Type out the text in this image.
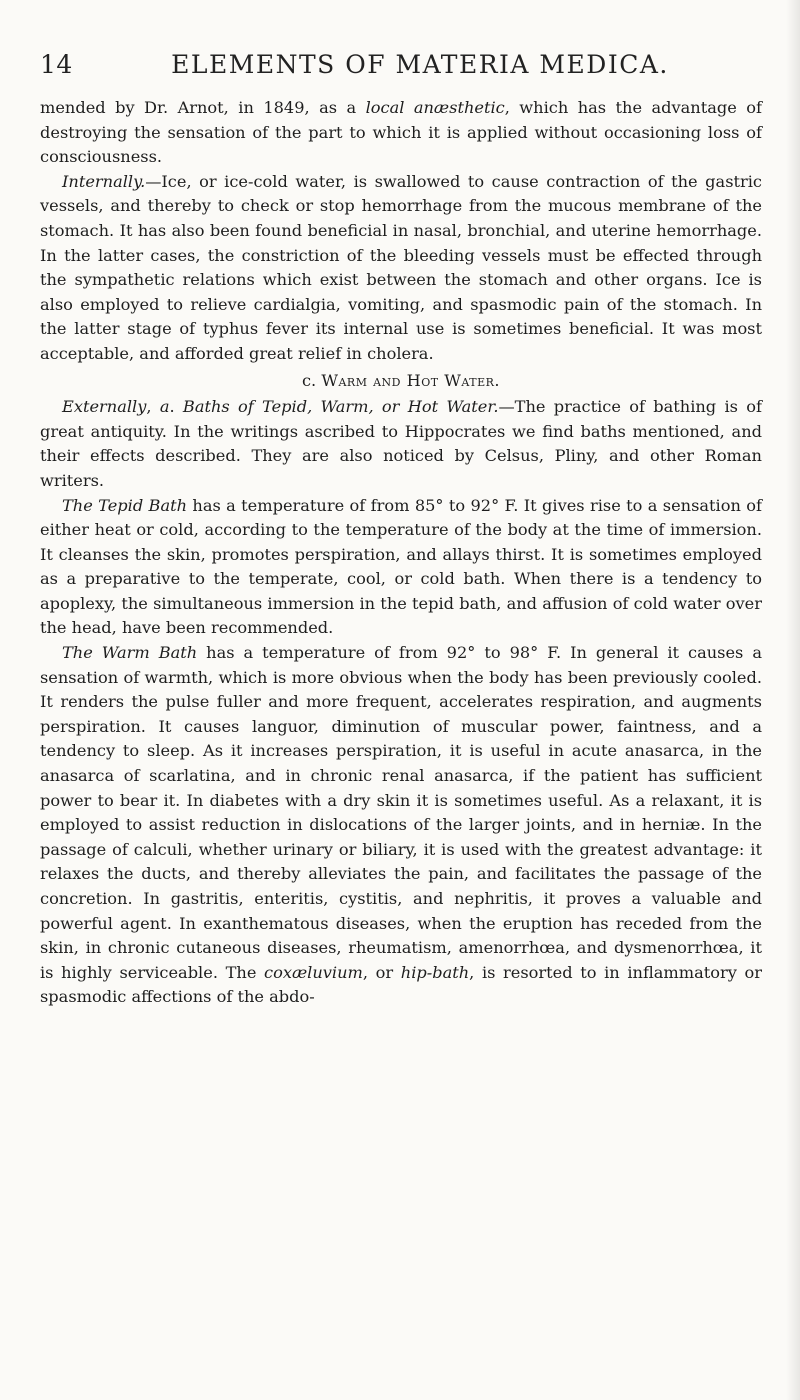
14	ELEMENTS OF MATERIA MEDICA.

mended by Dr. Arnot, in 1849, as a local anæsthetic, which has the advantage of destroying the sensation of the part to which it is applied without occasioning loss of consciousness.

Internally.—Ice, or ice-cold water, is swallowed to cause contraction of the gastric vessels, and thereby to check or stop hemorrhage from the mucous membrane of the stomach. It has also been found beneficial in nasal, bronchial, and uterine hemorrhage. In the latter cases, the constriction of the bleeding vessels must be effected through the sympathetic relations which exist between the stomach and other organs. Ice is also employed to relieve cardialgia, vomiting, and spasmodic pain of the stomach. In the latter stage of typhus fever its internal use is sometimes beneficial. It was most acceptable, and afforded great relief in cholera.

c. Warm and Hot Water.

Externally, a. Baths of Tepid, Warm, or Hot Water.—The practice of bathing is of great antiquity. In the writings ascribed to Hippocrates we find baths mentioned, and their effects described. They are also noticed by Celsus, Pliny, and other Roman writers.

The Tepid Bath has a temperature of from 85° to 92° F. It gives rise to a sensation of either heat or cold, according to the temperature of the body at the time of immersion. It cleanses the skin, promotes perspiration, and allays thirst. It is sometimes employed as a preparative to the temperate, cool, or cold bath. When there is a tendency to apoplexy, the simultaneous immersion in the tepid bath, and affusion of cold water over the head, have been recommended.

The Warm Bath has a temperature of from 92° to 98° F. In general it causes a sensation of warmth, which is more obvious when the body has been previously cooled. It renders the pulse fuller and more frequent, accelerates respiration, and augments perspiration. It causes languor, diminution of muscular power, faintness, and a tendency to sleep. As it increases perspiration, it is useful in acute anasarca, in the anasarca of scarlatina, and in chronic renal anasarca, if the patient has sufficient power to bear it. In diabetes with a dry skin it is sometimes useful. As a relaxant, it is employed to assist reduction in dislocations of the larger joints, and in herniæ. In the passage of calculi, whether urinary or biliary, it is used with the greatest advantage: it relaxes the ducts, and thereby alleviates the pain, and facilitates the passage of the concretion. In gastritis, enteritis, cystitis, and nephritis, it proves a valuable and powerful agent. In exanthematous diseases, when the eruption has receded from the skin, in chronic cutaneous diseases, rheumatism, amenorrhœa, and dysmenorrhœa, it is highly serviceable. The coxæluvium, or hip-bath, is resorted to in inflammatory or spasmodic affections of the abdo-
